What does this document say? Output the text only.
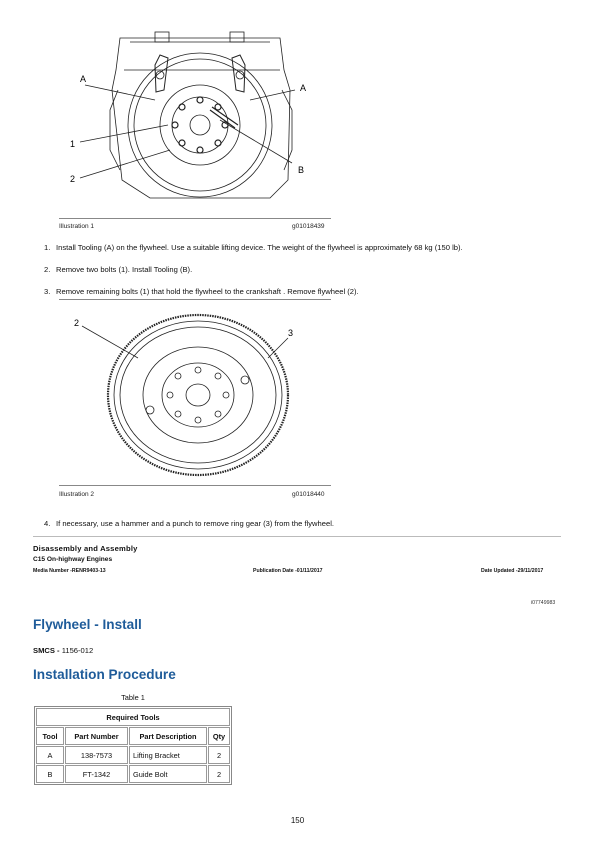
A
A
1
2
B
Illustration 1	g01018439
1. Install Tooling (A) on the flywheel. Use a suitable lifting device. The weight of the flywheel is approximately 68 kg (150 lb).
2. Remove two bolts (1). Install Tooling (B).
3. Remove remaining bolts (1) that hold the flywheel to the crankshaft . Remove flywheel (2).
2
3
Illustration 2	g01018440
4. If necessary, use a hammer and a punch to remove ring gear (3) from the flywheel.
Disassembly and Assembly
C15 On-highway Engines
Media Number -RENR9403-13	Publication Date -01/11/2017	Date Updated -29/11/2017
i07749983
Flywheel - Install
SMCS - 1156-012
Installation Procedure
Table 1
Required Tools			
Tool	Part Number	Part Description	Qty
A	138-7573	Lifting Bracket	2
B	FT-1342	Guide Bolt	2
150
